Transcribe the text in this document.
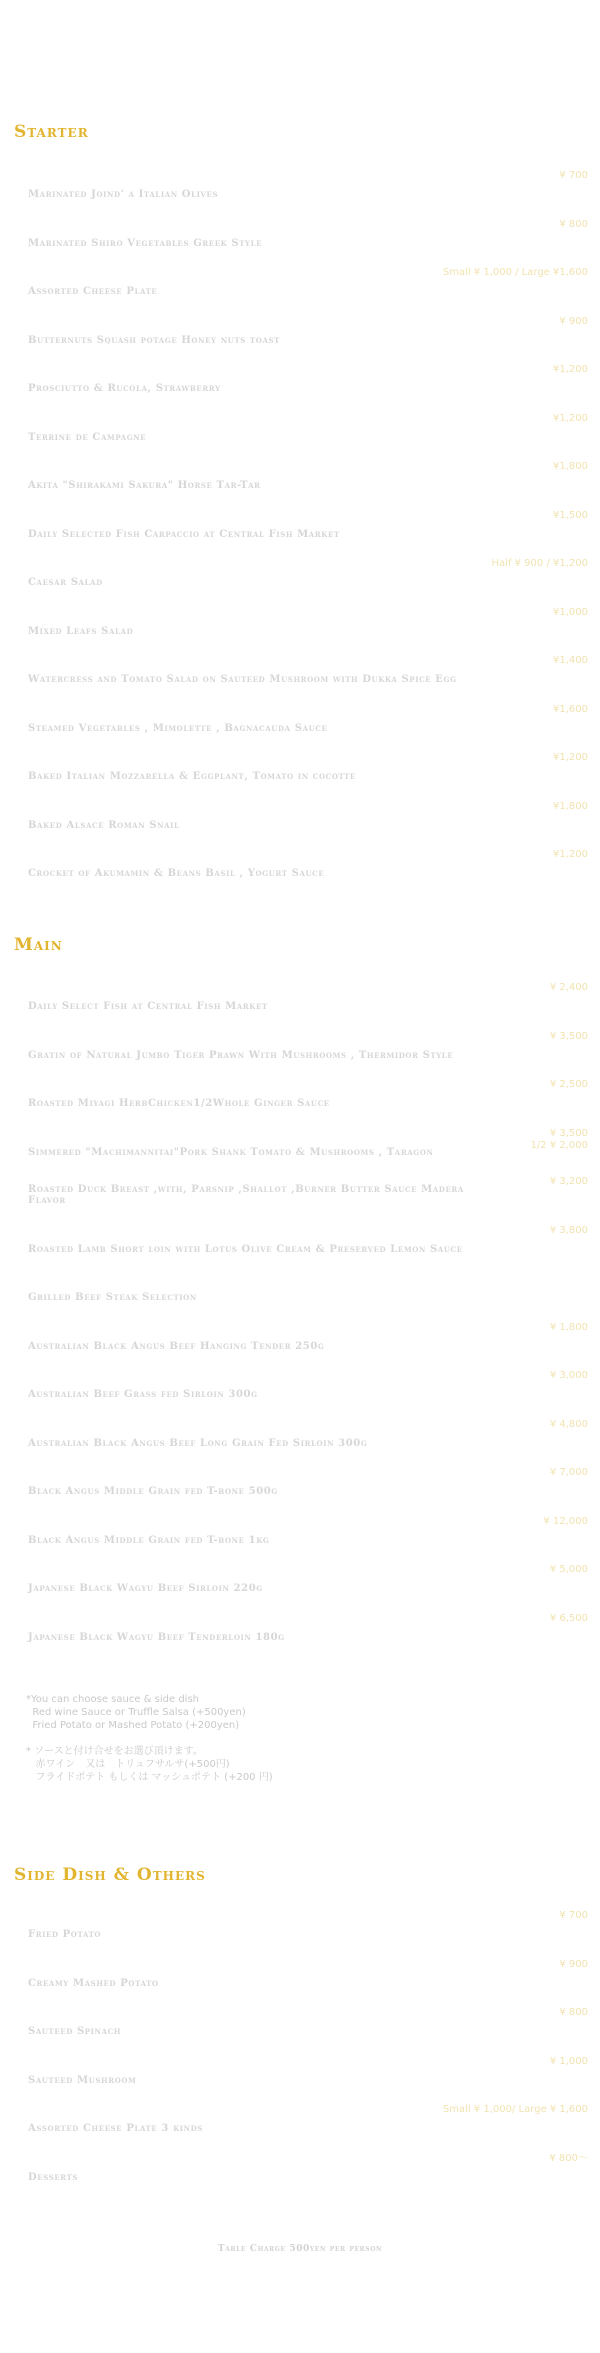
Starter
Marinated Joind' a Italian Olives
¥ 700
Marinated Shiro Vegetables Greek Style
¥ 800
Assorted Cheese Plate
Small ¥ 1,000 / Large ¥1,600
Butternuts Squash potage Honey nuts toast
¥ 900
Prosciutto & Rucola, Strawberry
¥1,200
Terrine de Campagne
¥1,200
Akita "Shirakami Sakura" Horse Tar-Tar
¥1,800
Daily Selected Fish Carpaccio at Central Fish Market
¥1,500
Caesar Salad
Half ¥ 900 / ¥1,200
Mixed Leafs Salad
¥1,000
Watercress and Tomato Salad on Sauteed Mushroom with Dukka Spice Egg
¥1,400
Steamed Vegetables , Mimolette , Bagnacauda Sauce
¥1,600
Baked Italian Mozzarella & Eggplant, Tomato in cocotte
¥1,200
Baked Alsace Roman Snail
¥1,800
Crocket of Akumamin & Beans Basil , Yogurt Sauce
¥1,200
Main
Daily Select Fish at Central Fish Market
¥ 2,400
Gratin of Natural Jumbo Tiger Prawn With Mushrooms , Thermidor Style
¥ 3,500
Roasted Miyagi HerbChicken1/2Whole Ginger Sauce
¥ 2,500
Simmered "Machimannitai"Pork Shank Tomato & Mushrooms , Taragon
¥ 3,500
1/2 ¥ 2,000
Roasted Duck Breast ,with, Parsnip ,Shallot ,Burner Butter Sauce Madera Flavor
¥ 3,200
Roasted Lamb Short loin with Lotus Olive Cream & Preserved Lemon Sauce
¥ 3,800
Grilled Beef Steak Selection
Australian Black Angus Beef Hanging Tender 250g
¥ 1,800
Australian Beef Grass fed Sirloin 300g
¥ 3,000
Australian Black Angus Beef Long Grain Fed Sirloin 300g
¥ 4,800
Black Angus Middle Grain fed T-bone 500g
¥ 7,000
Black Angus Middle Grain fed T-bone 1kg
¥ 12,000
Japanese Black Wagyu Beef Sirloin 220g
¥ 5,000
Japanese Black Wagyu Beef Tenderloin 180g
¥ 6,500
*You can choose sauce & side dish
Red wine Sauce or Truffle Salsa (+500yen)
Fried Potato or Mashed Potato (+200yen)
* ソースと付け合せをお選び頂けます。
赤ワイン　又は　トリュフサルサ(+500円)
フライドポテト もしくは マッシュポテト (+200 円)
Side Dish & Others
Fried Potato
¥ 700
Creamy Mashed Potato
¥ 900
Sauteed Spinach
¥ 800
Sauteed Mushroom
¥ 1,000
Assorted Cheese Plate 3 kinds
Small ¥ 1,000/ Large ¥ 1,600
Desserts
¥ 800〜
Table Charge 500yen per person
